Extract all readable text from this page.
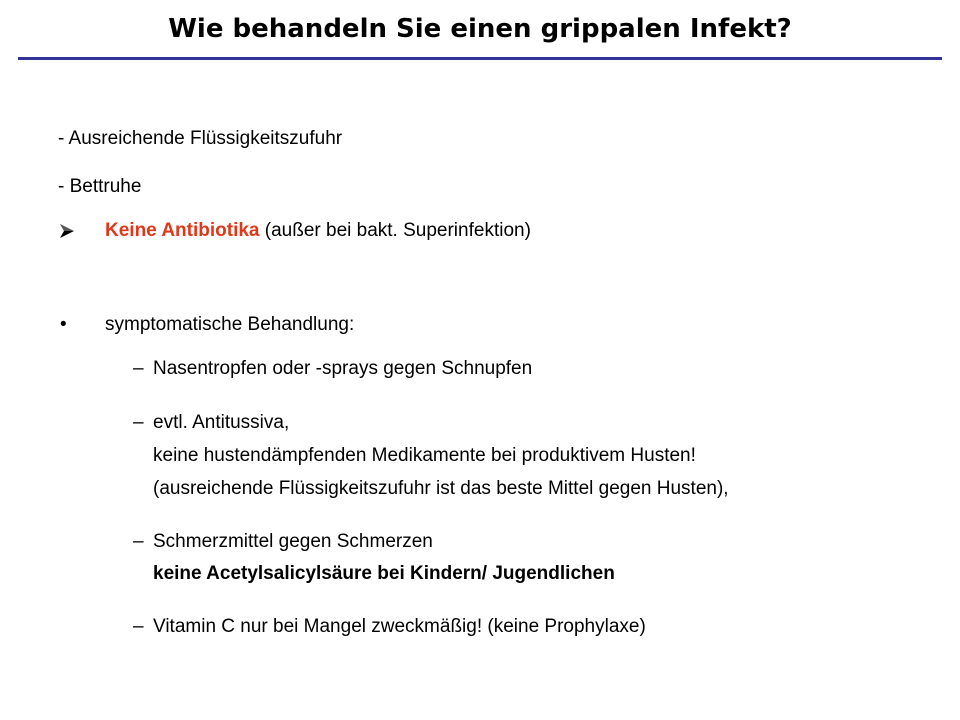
Wie behandeln Sie einen grippalen Infekt?
- Ausreichende Flüssigkeitszufuhr
- Bettruhe
Keine Antibiotika (außer bei bakt. Superinfektion)
• symptomatische Behandlung:
– Nasentropfen oder -sprays gegen Schnupfen
– evtl. Antitussiva,
keine hustendämpfenden Medikamente bei produktivem Husten!
(ausreichende Flüssigkeitszufuhr ist das beste Mittel gegen Husten),
– Schmerzmittel gegen Schmerzen
keine Acetylsalicylsäure bei Kindern/ Jugendlichen
– Vitamin C nur bei Mangel zweckmäßig! (keine Prophylaxe)
